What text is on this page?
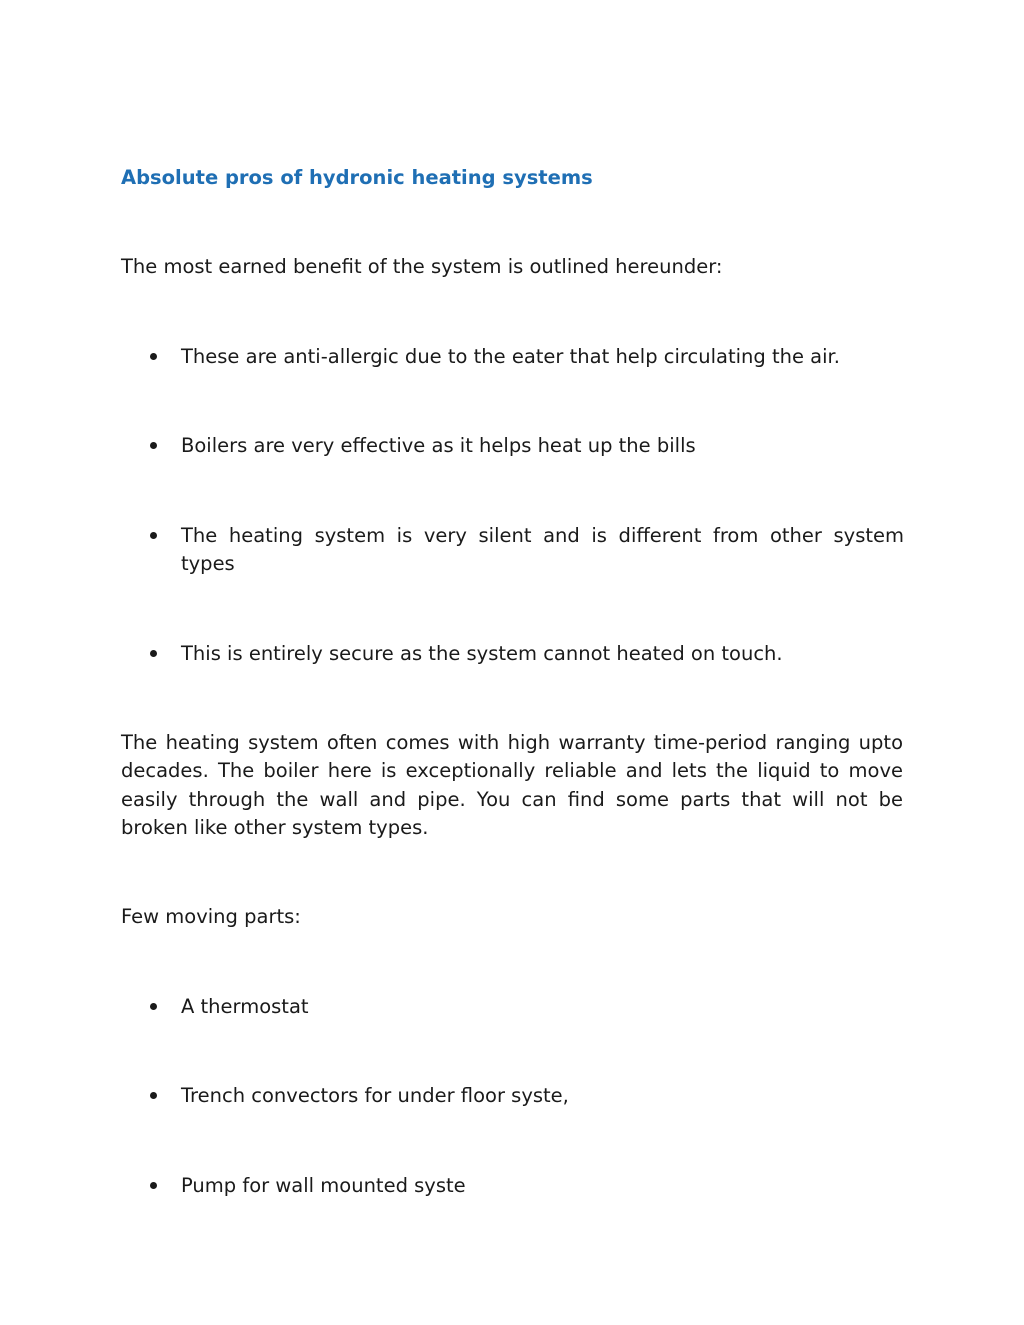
Absolute pros of hydronic heating systems

The most earned benefit of the system is outlined hereunder:

These are anti-allergic due to the eater that help circulating the air.

Boilers are very effective as it helps heat up the bills

The heating system is very silent and is different from other system types

This is entirely secure as the system cannot heated on touch.

The heating system often comes with high warranty time-period ranging upto decades. The boiler here is exceptionally reliable and lets the liquid to move easily through the wall and pipe. You can find some parts that will not be broken like other system types.

Few moving parts:

A thermostat

Trench convectors for under floor syste,

Pump for wall mounted syste
